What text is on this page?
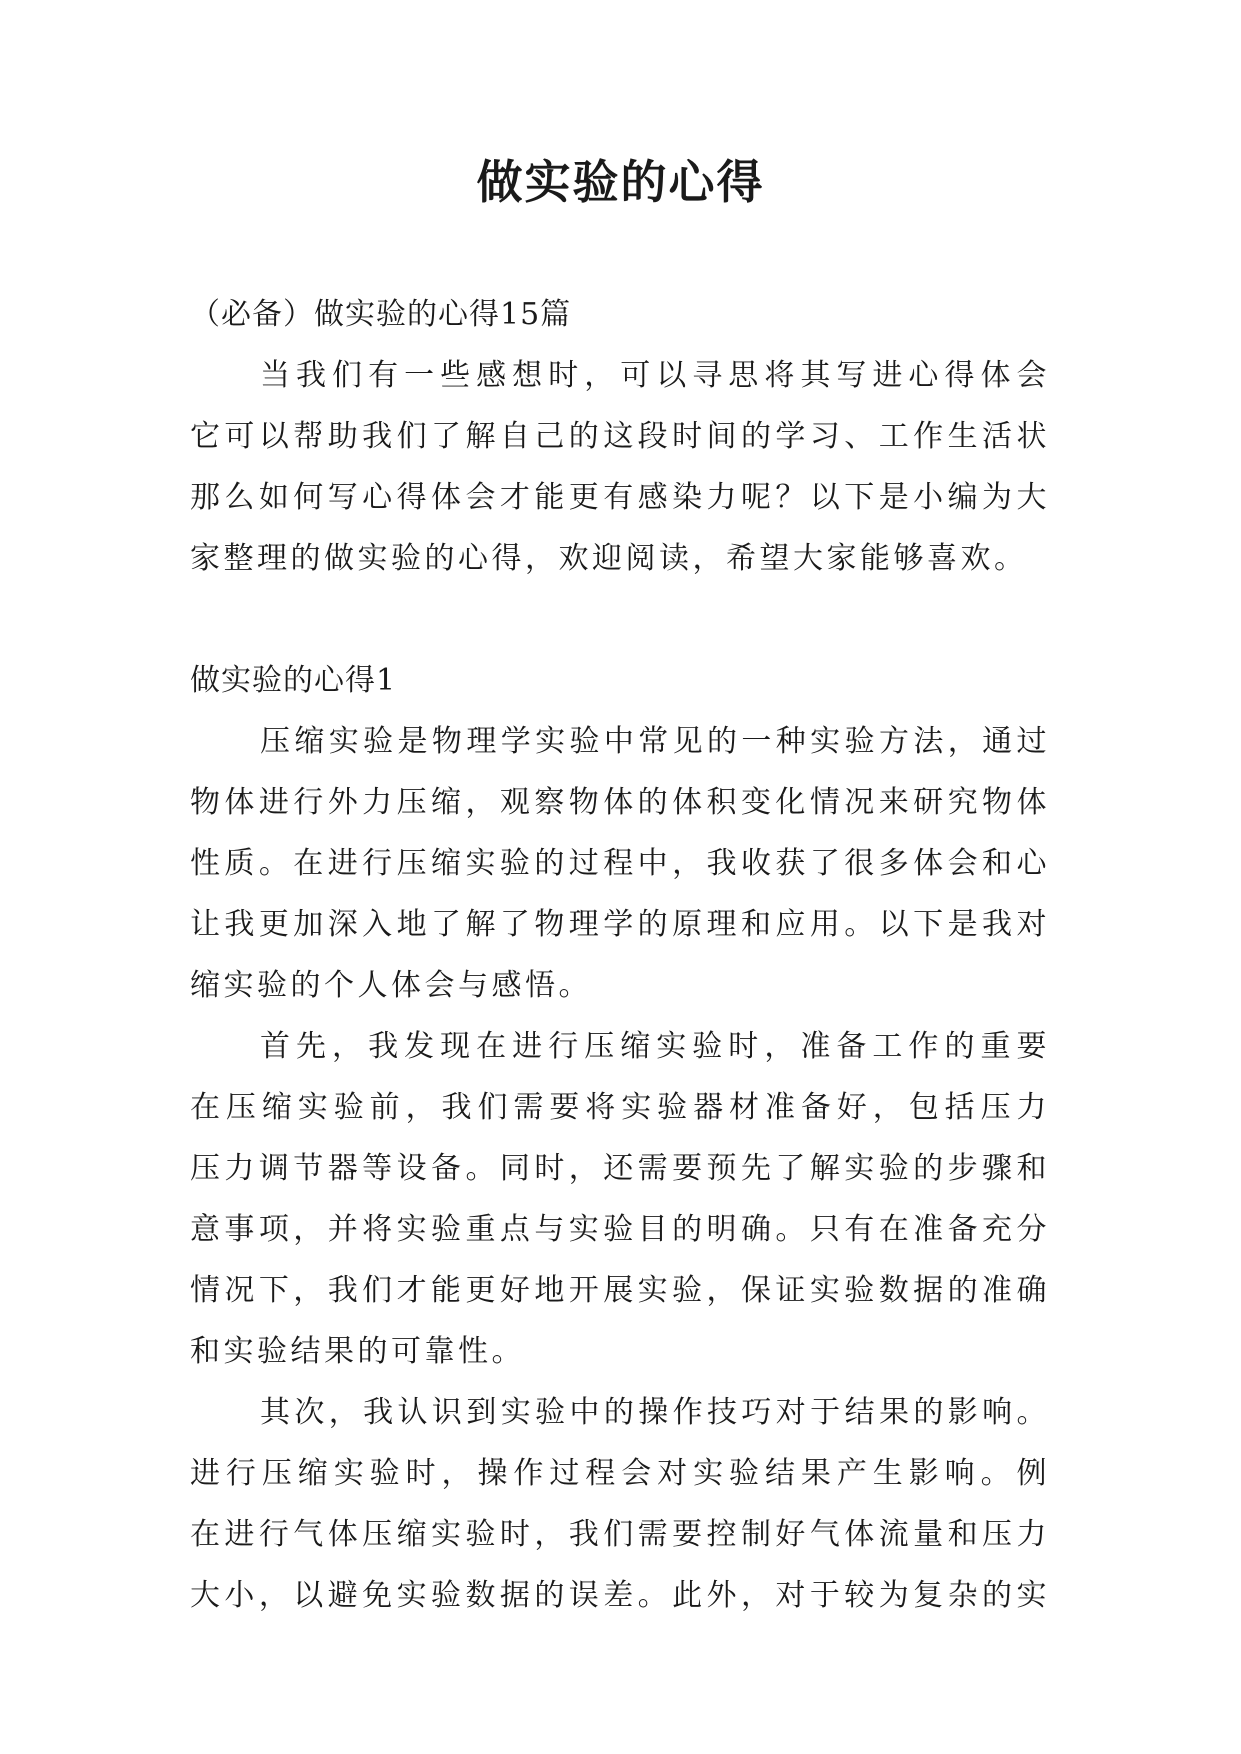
做实验的心得
（必备）做实验的心得15篇
当我们有一些感想时，可以寻思将其写进心得体会
它可以帮助我们了解自己的这段时间的学习、工作生活状
那么如何写心得体会才能更有感染力呢？以下是小编为大
家整理的做实验的心得，欢迎阅读，希望大家能够喜欢。
做实验的心得1
压缩实验是物理学实验中常见的一种实验方法，通过
物体进行外力压缩，观察物体的体积变化情况来研究物体
性质。在进行压缩实验的过程中，我收获了很多体会和心
让我更加深入地了解了物理学的原理和应用。以下是我对
缩实验的个人体会与感悟。
首先，我发现在进行压缩实验时，准备工作的重要
在压缩实验前，我们需要将实验器材准备好，包括压力
压力调节器等设备。同时，还需要预先了解实验的步骤和
意事项，并将实验重点与实验目的明确。只有在准备充分
情况下，我们才能更好地开展实验，保证实验数据的准确
和实验结果的可靠性。
其次，我认识到实验中的操作技巧对于结果的影响。
进行压缩实验时，操作过程会对实验结果产生影响。例
在进行气体压缩实验时，我们需要控制好气体流量和压力
大小，以避免实验数据的误差。此外，对于较为复杂的实
